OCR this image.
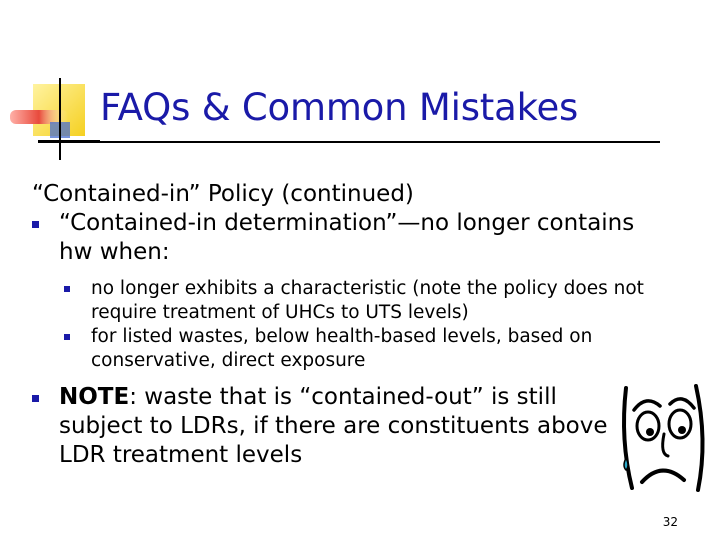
FAQs & Common Mistakes

“Contained-in” Policy (continued)

“Contained-in determination”—no longer contains hw when:
no longer exhibits a characteristic (note the policy does not require treatment of UHCs to UTS levels)
for listed wastes, below health-based levels, based on conservative, direct exposure
NOTE: waste that is “contained-out” is still subject to LDRs, if there are constituents above LDR treatment levels
32
